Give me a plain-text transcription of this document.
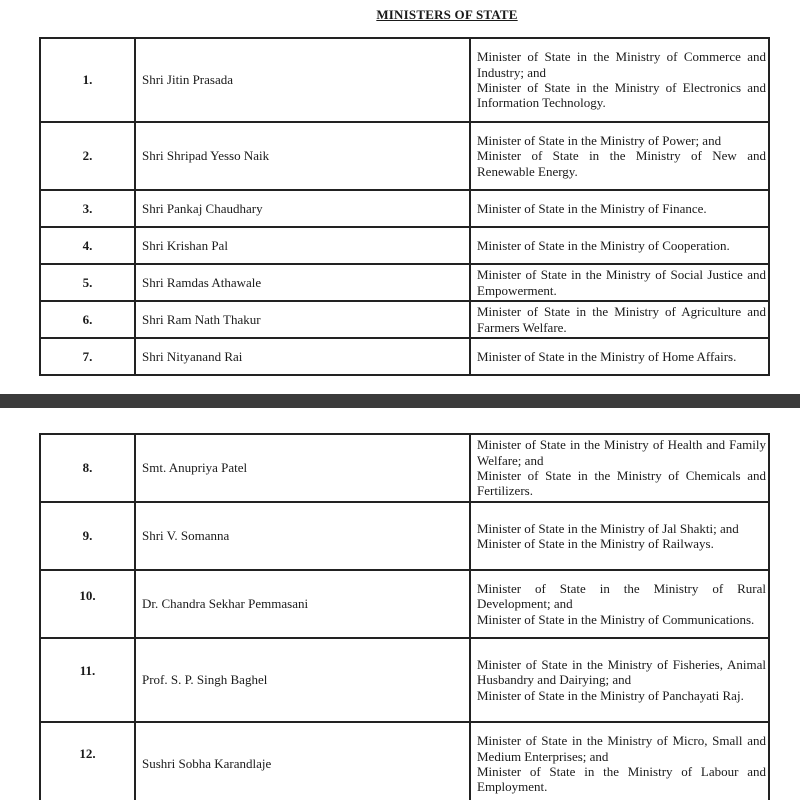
MINISTERS OF STATE
1.	Shri Jitin Prasada	Minister of State in the Ministry of Commerce and Industry; and
Minister of State in the Ministry of Electronics and Information Technology.

2.	Shri Shripad Yesso Naik	Minister of State in the Ministry of Power; and
Minister of State in the Ministry of New and Renewable Energy.

3.	Shri Pankaj Chaudhary	Minister of State in the Ministry of Finance.

4.	Shri Krishan Pal	Minister of State in the Ministry of Cooperation.

5.	Shri Ramdas Athawale	Minister of State in the Ministry of Social Justice and Empowerment.

6.	Shri Ram Nath Thakur	Minister of State in the Ministry of Agriculture and Farmers Welfare.

7.	Shri Nityanand Rai	Minister of State in the Ministry of Home Affairs.
8.	Smt. Anupriya Patel	Minister of State in the Ministry of Health and Family Welfare; and
Minister of State in the Ministry of Chemicals and Fertilizers.

9.	Shri V. Somanna	Minister of State in the Ministry of Jal Shakti; and
Minister of State in the Ministry of Railways.

10.	Dr. Chandra Sekhar Pemmasani	Minister of State in the Ministry of Rural Development; and
Minister of State in the Ministry of Communications.

11.	Prof. S. P. Singh Baghel	Minister of State in the Ministry of Fisheries, Animal Husbandry and Dairying; and
Minister of State in the Ministry of Panchayati Raj.

12.	Sushri Sobha Karandlaje	Minister of State in the Ministry of Micro, Small and Medium Enterprises; and
Minister of State in the Ministry of Labour and Employment.
